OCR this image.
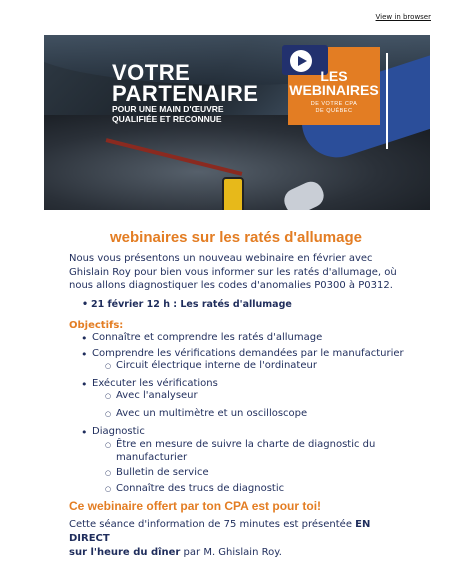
View in browser
VOTRE
PARTENAIRE
POUR UNE MAIN D'ŒUVRE
QUALIFIÉE ET RECONNUE
LES
WEBINAIRES
DE VOTRE CPA
DE QUÉBEC
webinaires sur les ratés d'allumage
Nous vous présentons un nouveau webinaire en février avec Ghislain Roy pour bien vous informer sur les ratés d'allumage, où nous allons diagnostiquer les codes d'anomalies P0300 à P0312.
• 21 février 12 h : Les ratés d'allumage
Objectifs:
• Connaître et comprendre les ratés d'allumage
• Comprendre les vérifications demandées par le manufacturier
○ Circuit électrique interne de l'ordinateur
• Exécuter les vérifications
○ Avec l'analyseur
○ Avec un multimètre et un oscilloscope
• Diagnostic
○ Être en mesure de suivre la charte de diagnostic du
manufacturier
○ Bulletin de service
○ Connaître des trucs de diagnostic
Ce webinaire offert par ton CPA est pour toi!
Cette séance d'information de 75 minutes est présentée EN DIRECT
sur l'heure du dîner par M. Ghislain Roy.
